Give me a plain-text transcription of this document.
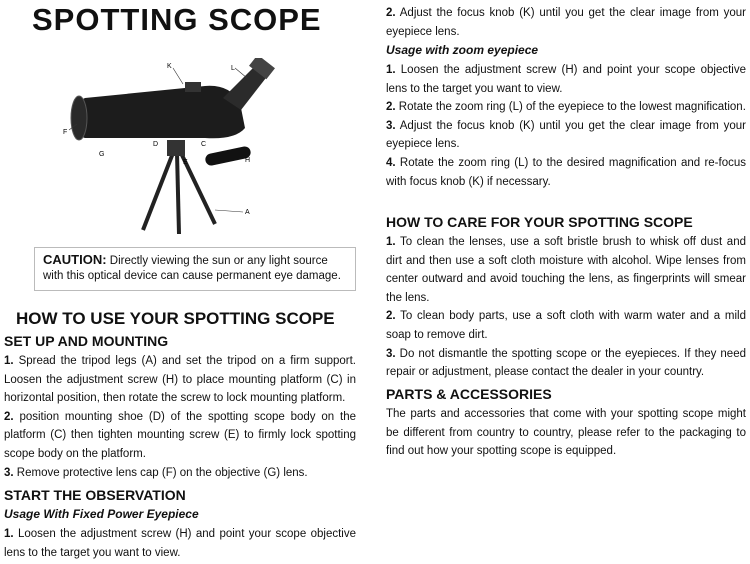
SPOTTING SCOPE
K	L
F
G
D	C
E	H
A
CAUTION: Directly viewing the sun or any light source with this optical device can cause permanent eye damage.
HOW TO USE YOUR SPOTTING SCOPE
SET UP AND MOUNTING

1. Spread the tripod legs (A) and set the tripod on a firm support. Loosen the adjustment screw (H) to place mounting platform (C) in horizontal position, then rotate the screw to lock mounting platform.

2. position mounting shoe (D) of the spotting scope body on the platform (C) then tighten mounting screw (E) to firmly lock spotting scope body on the platform.

3. Remove protective lens cap (F) on the objective (G) lens.

START THE OBSERVATION
Usage With Fixed Power Eyepiece

1. Loosen the adjustment screw (H) and point your scope objective lens to the target you want to view.

2. Adjust the focus knob (K) until you get the clear image from your eyepiece lens.

Usage with zoom eyepiece

1. Loosen the adjustment screw (H) and point your scope objective lens to the target you want to view.

2. Rotate the zoom ring (L) of the eyepiece to the lowest magnification.

3. Adjust the focus knob (K) until you get the clear image from your eyepiece lens.

4. Rotate the zoom ring (L) to the desired magnification and re-focus with focus knob (K) if necessary.

HOW TO CARE FOR YOUR SPOTTING SCOPE

1. To clean the lenses, use a soft bristle brush to whisk off dust and dirt and then use a soft cloth moisture with alcohol. Wipe lenses from center outward and avoid touching the lens, as fingerprints will smear the lens.

2. To clean body parts, use a soft cloth with warm water and a mild soap to remove dirt.

3. Do not dismantle the spotting scope or the eyepieces. If they need repair or adjustment, please contact the dealer in your country.

PARTS & ACCESSORIES

The parts and accessories that come with your spotting scope might be different from country to country, please refer to the packaging to find out how your spotting scope is equipped.
